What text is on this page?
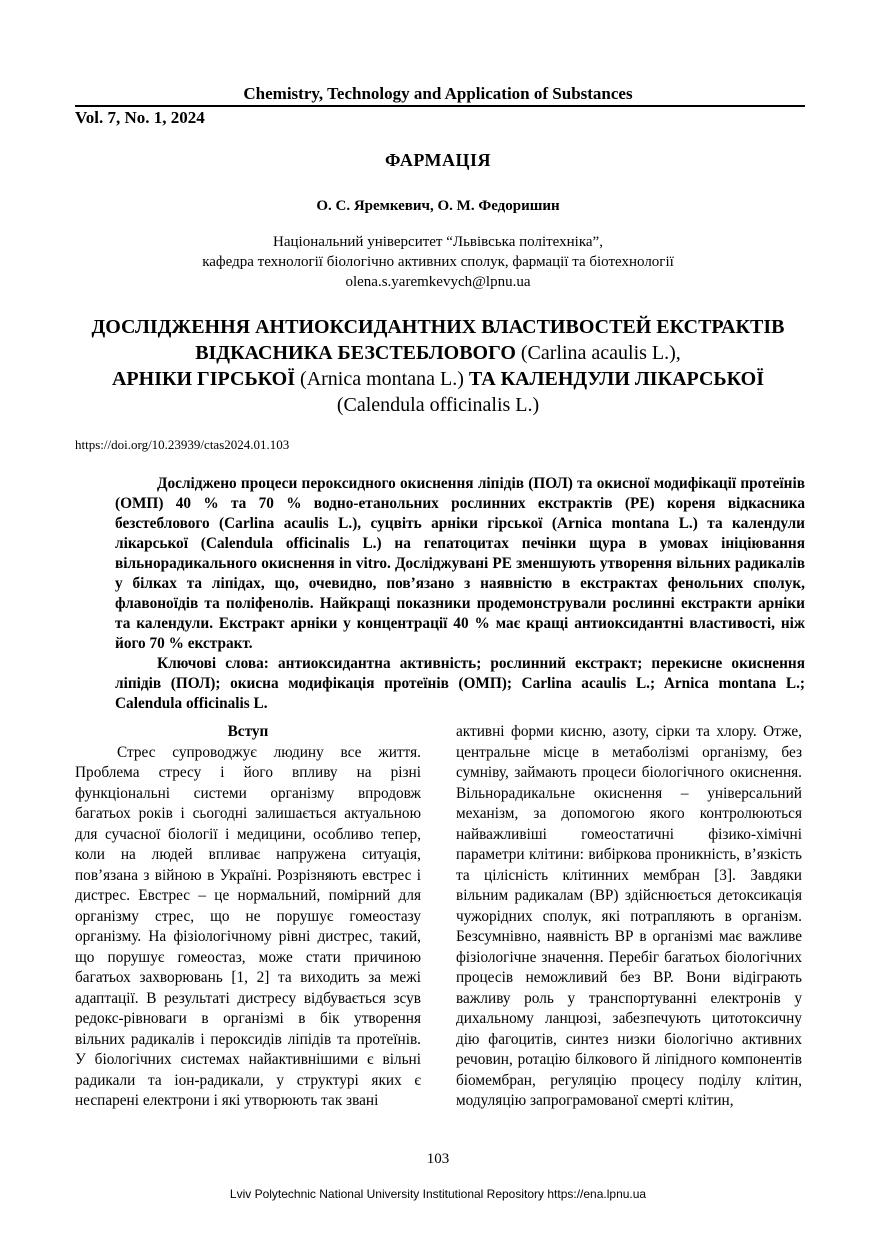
Chemistry, Technology and Application of Substances
Vol. 7, No. 1, 2024
ФАРМАЦІЯ
О. С. Яремкевич, О. М. Федоришин
Національний університет “Львівська політехніка”,
кафедра технології біологічно активних сполук, фармації та біотехнології
olena.s.yaremkevych@lpnu.ua
ДОСЛІДЖЕННЯ АНТИОКСИДАНТНИХ ВЛАСТИВОСТЕЙ ЕКСТРАКТІВ
ВІДКАСНИКА БЕЗСТЕБЛОВОГО (Carlina acaulis L.),
АРНІКИ ГІРСЬКОЇ (Arnica montana L.) ТА КАЛЕНДУЛИ ЛІКАРСЬКОЇ
(Calendula officinalis L.)
https://doi.org/10.23939/ctas2024.01.103

Досліджено процеси пероксидного окиснення ліпідів (ПОЛ) та окисної модифікації протеїнів (ОМП) 40 % та 70 % водно-етанольних рослинних екстрактів (РЕ) кореня відкасника безстеблового (Carlina acaulis L.), суцвіть арніки гірської (Arnica montana L.) та календули лікарської (Calendula officinalis L.) на гепатоцитах печінки щура в умовах ініціювання вільнорадикального окиснення in vitro. Досліджувані РЕ зменшують утворення вільних радикалів у білках та ліпідах, що, очевидно, пов’язано з наявністю в екстрактах фенольних сполук, флавоноїдів та поліфенолів. Найкращі показники продемонстрували рослинні екстракти арніки та календули. Екстракт арніки у концентрації 40 % має кращі антиоксидантні властивості, ніж його 70 % екстракт.

Ключові слова: антиоксидантна активність; рослинний екстракт; перекисне окиснення ліпідів (ПОЛ); окисна модифікація протеїнів (ОМП); Carlina acaulis L.; Arnica montana L.; Calendula officinalis L.

Вступ

Стрес супроводжує людину все життя. Проблема стресу і його впливу на різні функціональні системи організму впродовж багатьох років і сьогодні залишається актуальною для сучасної біології і медицини, особливо тепер, коли на людей впливає напружена ситуація, пов’язана з війною в Україні. Розрізняють евстрес і дистрес. Евстрес – це нормальний, помірний для організму стрес, що не порушує гомеостазу організму. На фізіологічному рівні дистрес, такий, що порушує гомеостаз, може стати причиною багатьох захворювань [1, 2] та виходить за межі адаптації. В результаті дистресу відбувається зсув редокс-рівноваги в організмі в бік утворення вільних радикалів і пероксидів ліпідів та протеїнів. У біологічних системах найактивнішими є вільні радикали та іон-радикали, у структурі яких є неспарені електрони і які утворюють так звані

активні форми кисню, азоту, сірки та хлору. Отже, центральне місце в метаболізмі організму, без сумніву, займають процеси біологічного окиснення. Вільнорадикальне окиснення – універсальний механізм, за допомогою якого контролюються найважливіші гомеостатичні фізико-хімічні параметри клітини: вибіркова проникність, в’язкість та цілісність клітинних мембран [3]. Завдяки вільним радикалам (ВР) здійснюється детоксикація чужорідних сполук, які потрапляють в організм. Безсумнівно, наявність ВР в організмі має важливе фізіологічне значення. Перебіг багатьох біологічних процесів неможливий без ВР. Вони відіграють важливу роль у транспортуванні електронів у дихальному ланцюзі, забезпечують цитотоксичну дію фагоцитів, синтез низки біологічно активних речовин, ротацію білкового й ліпідного компонентів біомембран, регуляцію процесу поділу клітин, модуляцію запрограмованої смерті клітин,

103
Lviv Polytechnic National University Institutional Repository https://ena.lpnu.ua
